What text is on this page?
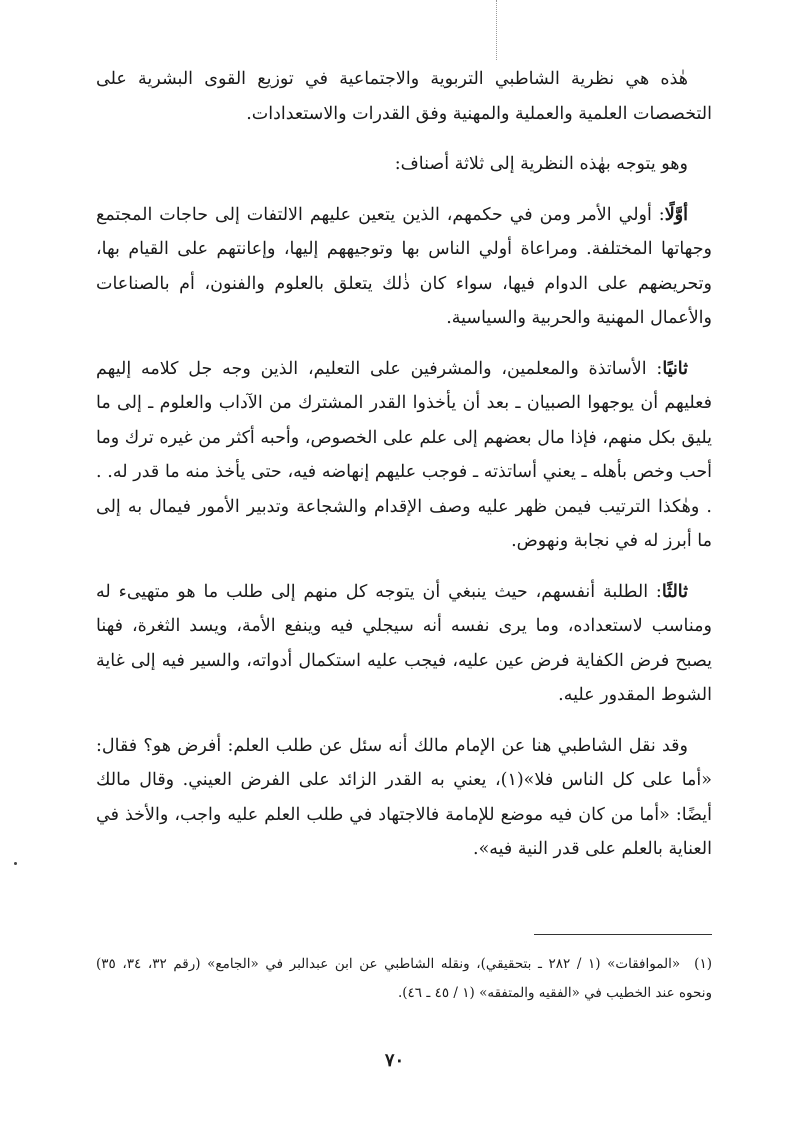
هٰذه هي نظرية الشاطبي التربوية والاجتماعية في توزيع القوى البشرية على التخصصات العلمية والعملية والمهنية وفق القدرات والاستعدادات.

وهو يتوجه بهٰذه النظرية إلى ثلاثة أصناف:

أوَّلًا: أولي الأمر ومن في حكمهم، الذين يتعين عليهم الالتفات إلى حاجات المجتمع وجهاتها المختلفة. ومراعاة أولي الناس بها وتوجيههم إليها، وإعانتهم على القيام بها، وتحريضهم على الدوام فيها، سواء كان ذٰلك يتعلق بالعلوم والفنون، أم بالصناعات والأعمال المهنية والحربية والسياسية.

ثانيًا: الأساتذة والمعلمين، والمشرفين على التعليم، الذين وجه جل كلامه إليهم فعليهم أن يوجهوا الصبيان ـ بعد أن يأخذوا القدر المشترك من الآداب والعلوم ـ إلى ما يليق بكل منهم، فإذا مال بعضهم إلى علم على الخصوص، وأحبه أكثر من غيره ترك وما أحب وخص بأهله ـ يعني أساتذته ـ فوجب عليهم إنهاضه فيه، حتى يأخذ منه ما قدر له. . . وهٰكذا الترتيب فيمن ظهر عليه وصف الإقدام والشجاعة وتدبير الأمور فيمال به إلى ما أبرز له في نجابة ونهوض.

ثالثًا: الطلبة أنفسهم، حيث ينبغي أن يتوجه كل منهم إلى طلب ما هو متهيىء له ومناسب لاستعداده، وما يرى نفسه أنه سيجلي فيه وينفع الأمة، ويسد الثغرة، فهنا يصبح فرض الكفاية فرض عين عليه، فيجب عليه استكمال أدواته، والسير فيه إلى غاية الشوط المقدور عليه.

وقد نقل الشاطبي هنا عن الإمام مالك أنه سئل عن طلب العلم: أفرض هو؟ فقال: «أما على كل الناس فلا»(١)، يعني به القدر الزائد على الفرض العيني. وقال مالك أيضًا: «أما من كان فيه موضع للإمامة فالاجتهاد في طلب العلم عليه واجب، والأخذ في العناية بالعلم على قدر النية فيه».

(١)«الموافقات» (١ / ٢٨٢ ـ بتحقيقي)، ونقله الشاطبي عن ابن عبدالبر في «الجامع» (رقم ٣٢، ٣٤، ٣٥) ونحوه عند الخطيب في «الفقيه والمتفقه» (١ / ٤٥ ـ ٤٦).
٧٠
